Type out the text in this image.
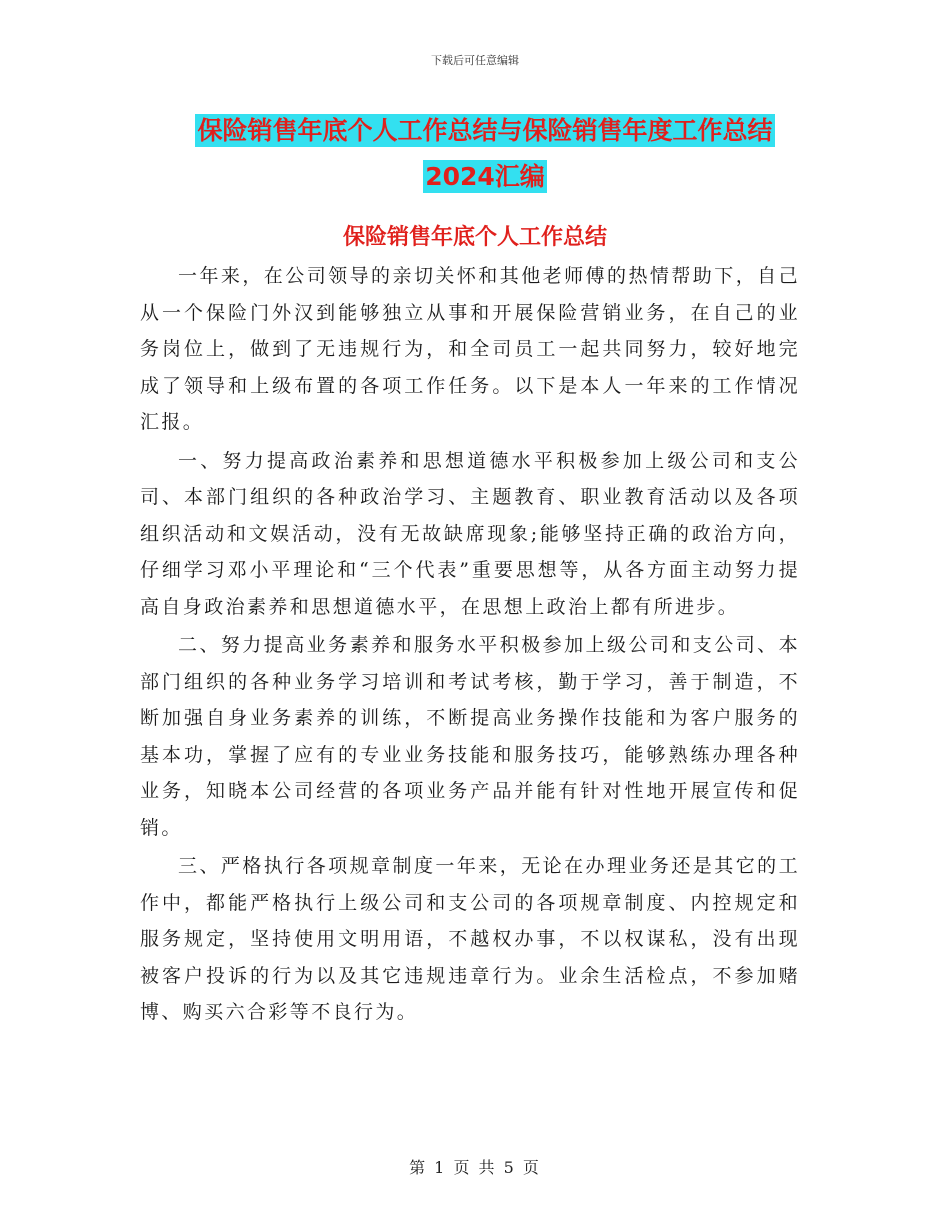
下载后可任意编辑
保险销售年底个人工作总结与保险销售年度工作总结
2024汇编
保险销售年底个人工作总结

一年来，在公司领导的亲切关怀和其他老师傅的热情帮助下，自己从一个保险门外汉到能够独立从事和开展保险营销业务，在自己的业务岗位上，做到了无违规行为，和全司员工一起共同努力，较好地完成了领导和上级布置的各项工作任务。以下是本人一年来的工作情况汇报。

一、努力提高政治素养和思想道德水平积极参加上级公司和支公司、本部门组织的各种政治学习、主题教育、职业教育活动以及各项组织活动和文娱活动，没有无故缺席现象;能够坚持正确的政治方向，仔细学习邓小平理论和“三个代表”重要思想等，从各方面主动努力提高自身政治素养和思想道德水平，在思想上政治上都有所进步。

二、努力提高业务素养和服务水平积极参加上级公司和支公司、本部门组织的各种业务学习培训和考试考核，勤于学习，善于制造，不断加强自身业务素养的训练，不断提高业务操作技能和为客户服务的基本功，掌握了应有的专业业务技能和服务技巧，能够熟练办理各种业务，知晓本公司经营的各项业务产品并能有针对性地开展宣传和促销。

三、严格执行各项规章制度一年来，无论在办理业务还是其它的工作中，都能严格执行上级公司和支公司的各项规章制度、内控规定和服务规定，坚持使用文明用语，不越权办事，不以权谋私，没有出现被客户投诉的行为以及其它违规违章行为。业余生活检点，不参加赌博、购买六合彩等不良行为。

第 1 页 共 5 页
